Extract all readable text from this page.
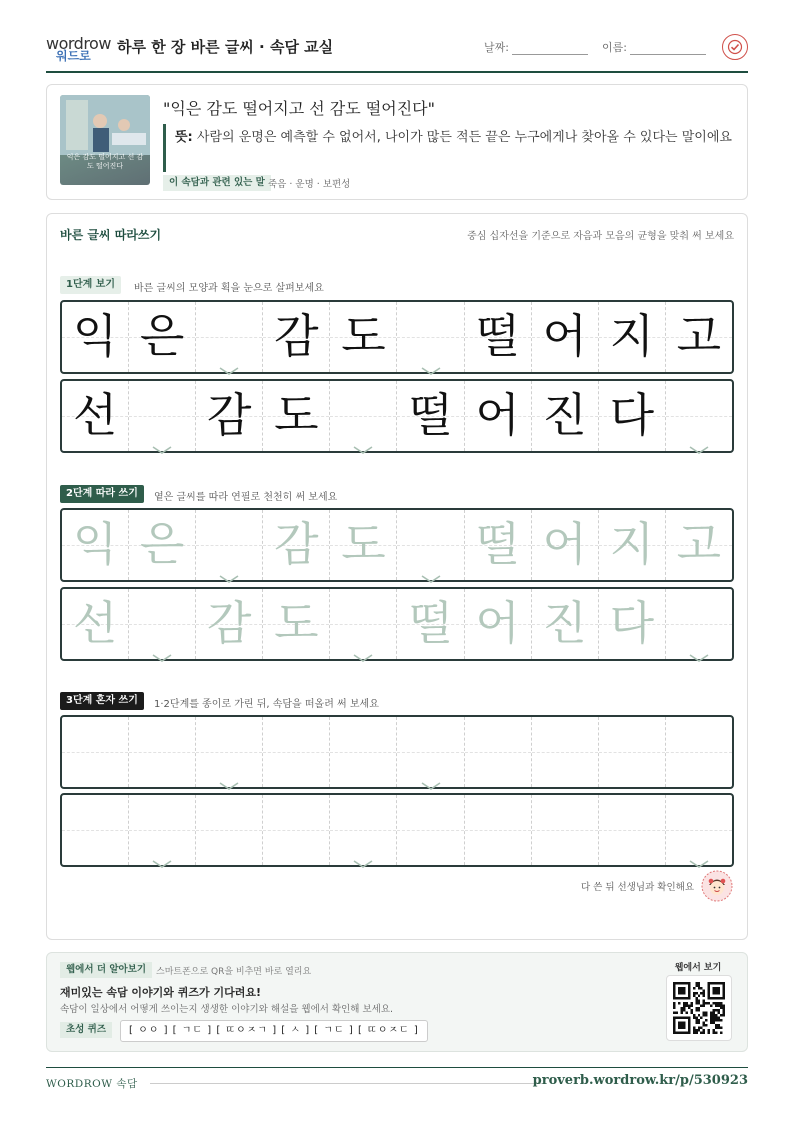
wordrow
워드로 하루 한 장 바른 글씨 · 속담 교실	날짜:	이름:
익은 감도 떨어지고 선 감도 떨어진다
"익은 감도 떨어지고 선 감도 떨어진다"
뜻: 사람의 운명은 예측할 수 없어서, 나이가 많든 적든 끝은 누구에게나 찾아올 수 있다는 말이에요
이 속담과 관련 있는 말 죽음 · 운명 · 보편성
바른 글씨 따라쓰기	중심 십자선을 기준으로 자음과 모음의 균형을 맞춰 써 보세요
1단계 보기	바른 글씨의 모양과 획을 눈으로 살펴보세요
익 은 감 도 떨 어 지 고
선 감 도 떨 어 진 다
2단계 따라 쓰기	옅은 글씨를 따라 연필로 천천히 써 보세요
익 은 감 도 떨 어 지 고
선 감 도 떨 어 진 다
3단계 혼자 쓰기	1·2단계를 종이로 가린 뒤, 속담을 떠올려 써 보세요
다 쓴 뒤 선생님과 확인해요
웹에서 더 알아보기	스마트폰으로 QR을 비추면 바로 열리요
재미있는 속담 이야기와 퀴즈가 기다려요!
속담이 일상에서 어떻게 쓰이는지 생생한 이야기와 해설을 웹에서 확인해 보세요.
초성 퀴즈	[ ㅇㅇ ] [ ㄱㄷ ] [ ㄸㅇㅈㄱ ] [ ㅅ ] [ ㄱㄷ ] [ ㄸㅇㅈㄷ ]
웹에서 보기
WORDROW 속담	proverb.wordrow.kr/p/530923
